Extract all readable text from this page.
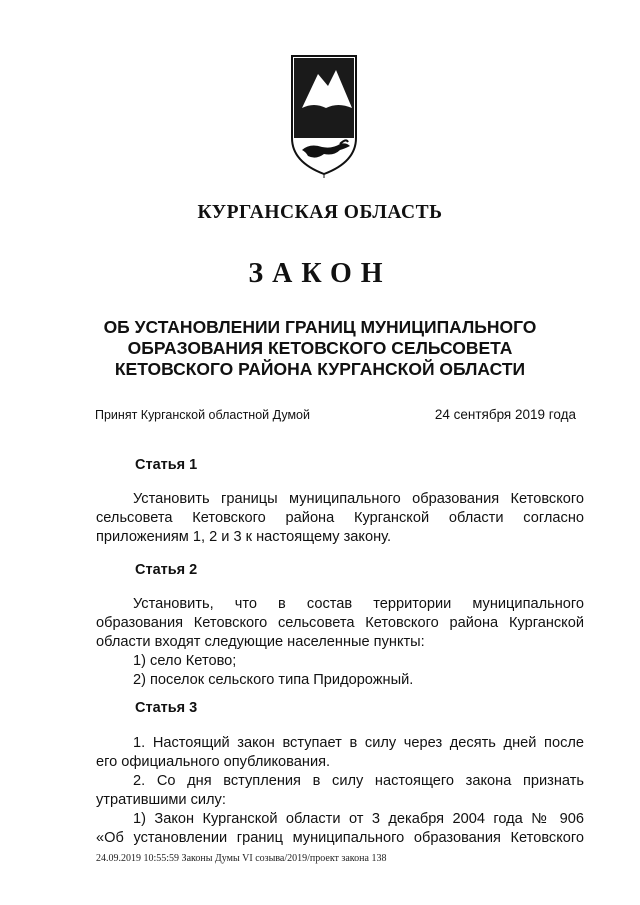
КУРГАНСКАЯ ОБЛАСТЬ
ЗАКОН
ОБ УСТАНОВЛЕНИИ ГРАНИЦ МУНИЦИПАЛЬНОГО
ОБРАЗОВАНИЯ КЕТОВСКОГО СЕЛЬСОВЕТА
КЕТОВСКОГО РАЙОНА КУРГАНСКОЙ ОБЛАСТИ
Принят Курганской областной Думой	24 сентября 2019 года
Статья 1
Установить границы муниципального образования Кетовского
сельсовета Кетовского района Курганской области согласно
приложениям 1, 2 и 3 к настоящему закону.
Статья 2
Установить, что в состав территории муниципального
образования Кетовского сельсовета Кетовского района Курганской
области входят следующие населенные пункты:
1) село Кетово;
2) поселок сельского типа Придорожный.
Статья 3
1. Настоящий закон вступает в силу через десять дней после
его официального опубликования.
2. Со дня вступления в силу настоящего закона признать
утратившими силу:
1) Закон Курганской области от 3 декабря 2004 года № 906
«Об установлении границ муниципального образования Кетовского
24.09.2019 10:55:59 Законы Думы VI созыва/2019/проект закона 138
